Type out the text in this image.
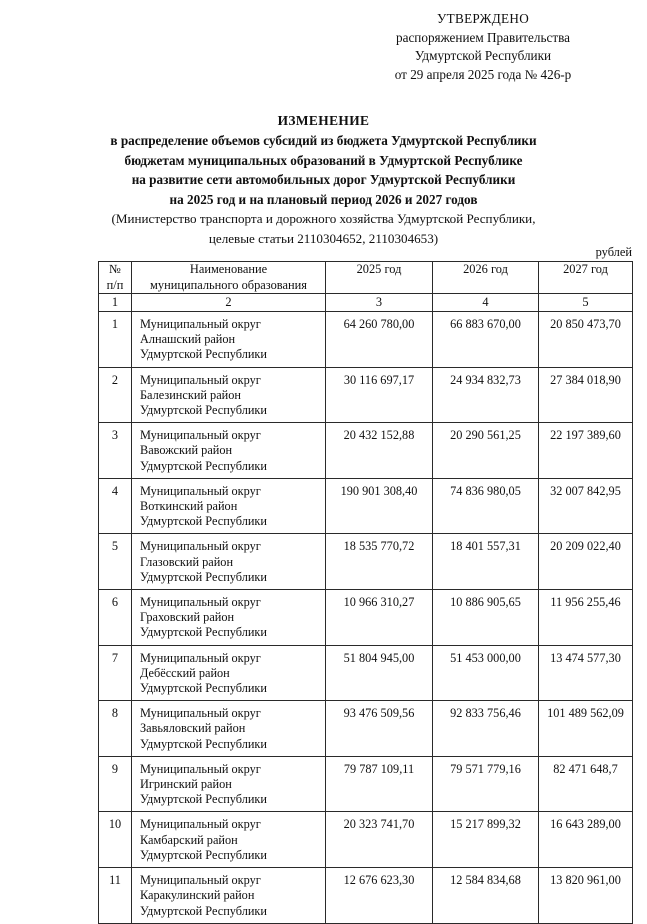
УТВЕРЖДЕНО
распоряжением Правительства
Удмуртской Республики
от 29 апреля 2025 года № 426-р
ИЗМЕНЕНИЕ
в распределение объемов субсидий из бюджета Удмуртской Республики
бюджетам муниципальных образований в Удмуртской Республике
на развитие сети автомобильных дорог Удмуртской Республики
на 2025 год и на плановый период 2026 и 2027 годов
(Министерство транспорта и дорожного хозяйства Удмуртской Республики,
целевые статьи 2110304652, 2110304653)
рублей
№
п/п	Наименование
муниципального образования	2025 год	2026 год	2027 год
1	2	3	4	5
1	Муниципальный округ
Алнашский район
Удмуртской Республики	64 260 780,00	66 883 670,00	20 850 473,70
2	Муниципальный округ
Балезинский район
Удмуртской Республики	30 116 697,17	24 934 832,73	27 384 018,90
3	Муниципальный округ
Вавожский район
Удмуртской Республики	20 432 152,88	20 290 561,25	22 197 389,60
4	Муниципальный округ
Воткинский район
Удмуртской Республики	190 901 308,40	74 836 980,05	32 007 842,95
5	Муниципальный округ
Глазовский район
Удмуртской Республики	18 535 770,72	18 401 557,31	20 209 022,40
6	Муниципальный округ
Граховский район
Удмуртской Республики	10 966 310,27	10 886 905,65	11 956 255,46
7	Муниципальный округ
Дебёсский район
Удмуртской Республики	51 804 945,00	51 453 000,00	13 474 577,30
8	Муниципальный округ
Завьяловский район
Удмуртской Республики	93 476 509,56	92 833 756,46	101 489 562,09
9	Муниципальный округ
Игринский район
Удмуртской Республики	79 787 109,11	79 571 779,16	82 471 648,7
10	Муниципальный округ
Камбарский район
Удмуртской Республики	20 323 741,70	15 217 899,32	16 643 289,00
11	Муниципальный округ
Каракулинский район
Удмуртской Республики	12 676 623,30	12 584 834,68	13 820 961,00
